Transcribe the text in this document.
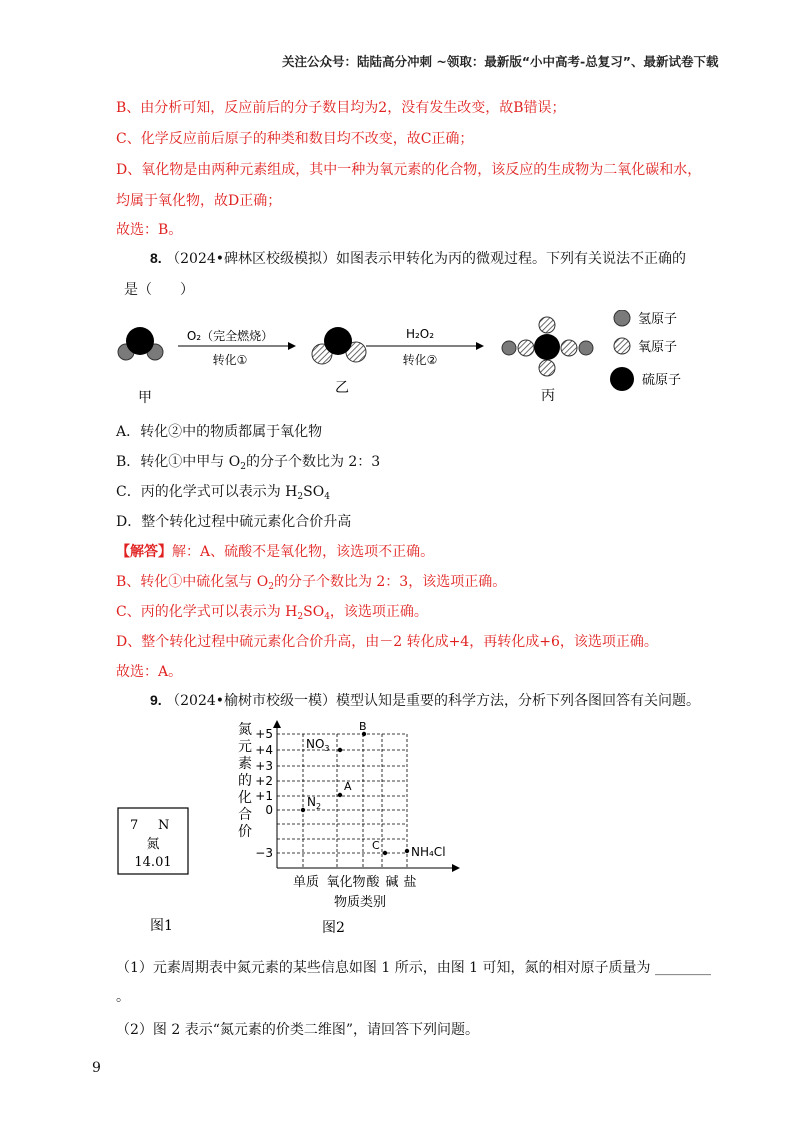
关注公众号：陆陆高分冲刺 ~领取：最新版“小中高考-总复习”、最新试卷下载
B、由分析可知，反应前后的分子数目均为2，没有发生改变，故B错误；
C、化学反应前后原子的种类和数目均不改变，故C正确；
D、氧化物是由两种元素组成，其中一种为氧元素的化合物，该反应的生成物为二氧化碳和水，
均属于氧化物，故D正确；
故选：B。
8. （2024•碑林区校级模拟）如图表示甲转化为丙的微观过程。下列有关说法不正确的
是（　　）
甲
O₂（完全燃烧）
转化①
乙
H₂O₂
转化②
丙
氢原子
氧原子
硫原子
A．转化②中的物质都属于氧化物
B．转化①中甲与 $O_2$的分子个数比为 2：3
C．丙的化学式可以表示为 $H_2SO_4$
D．整个转化过程中硫元素化合价升高
【解答】解：A、硫酸不是氧化物，该选项不正确。
B、转化①中硫化氢与 $O_2$的分子个数比为 2：3，该选项正确。
C、丙的化学式可以表示为 $H_2SO_4$，该选项正确。
D、整个转化过程中硫元素化合价升高，由－2 转化成+4，再转化成+6，该选项正确。
故选：A。
9. （2024•榆树市校级一模）模型认知是重要的科学方法，分析下列各图回答有关问题。
7 N
氮
14.01
图1
氮
元
素
的
化
合
价
+5
+4
+3
+2
+1
0
−3
B
$NO_3$
A
$N_2$
C	NH₄Cl
单质 氧化物 酸 碱 盐
物质类别
图2
（1）元素周期表中氮元素的某些信息如图 1 所示，由图 1 可知，氮的相对原子质量为 ________
。
（2）图 2 表示“氮元素的价类二维图”，请回答下列问题。
9
